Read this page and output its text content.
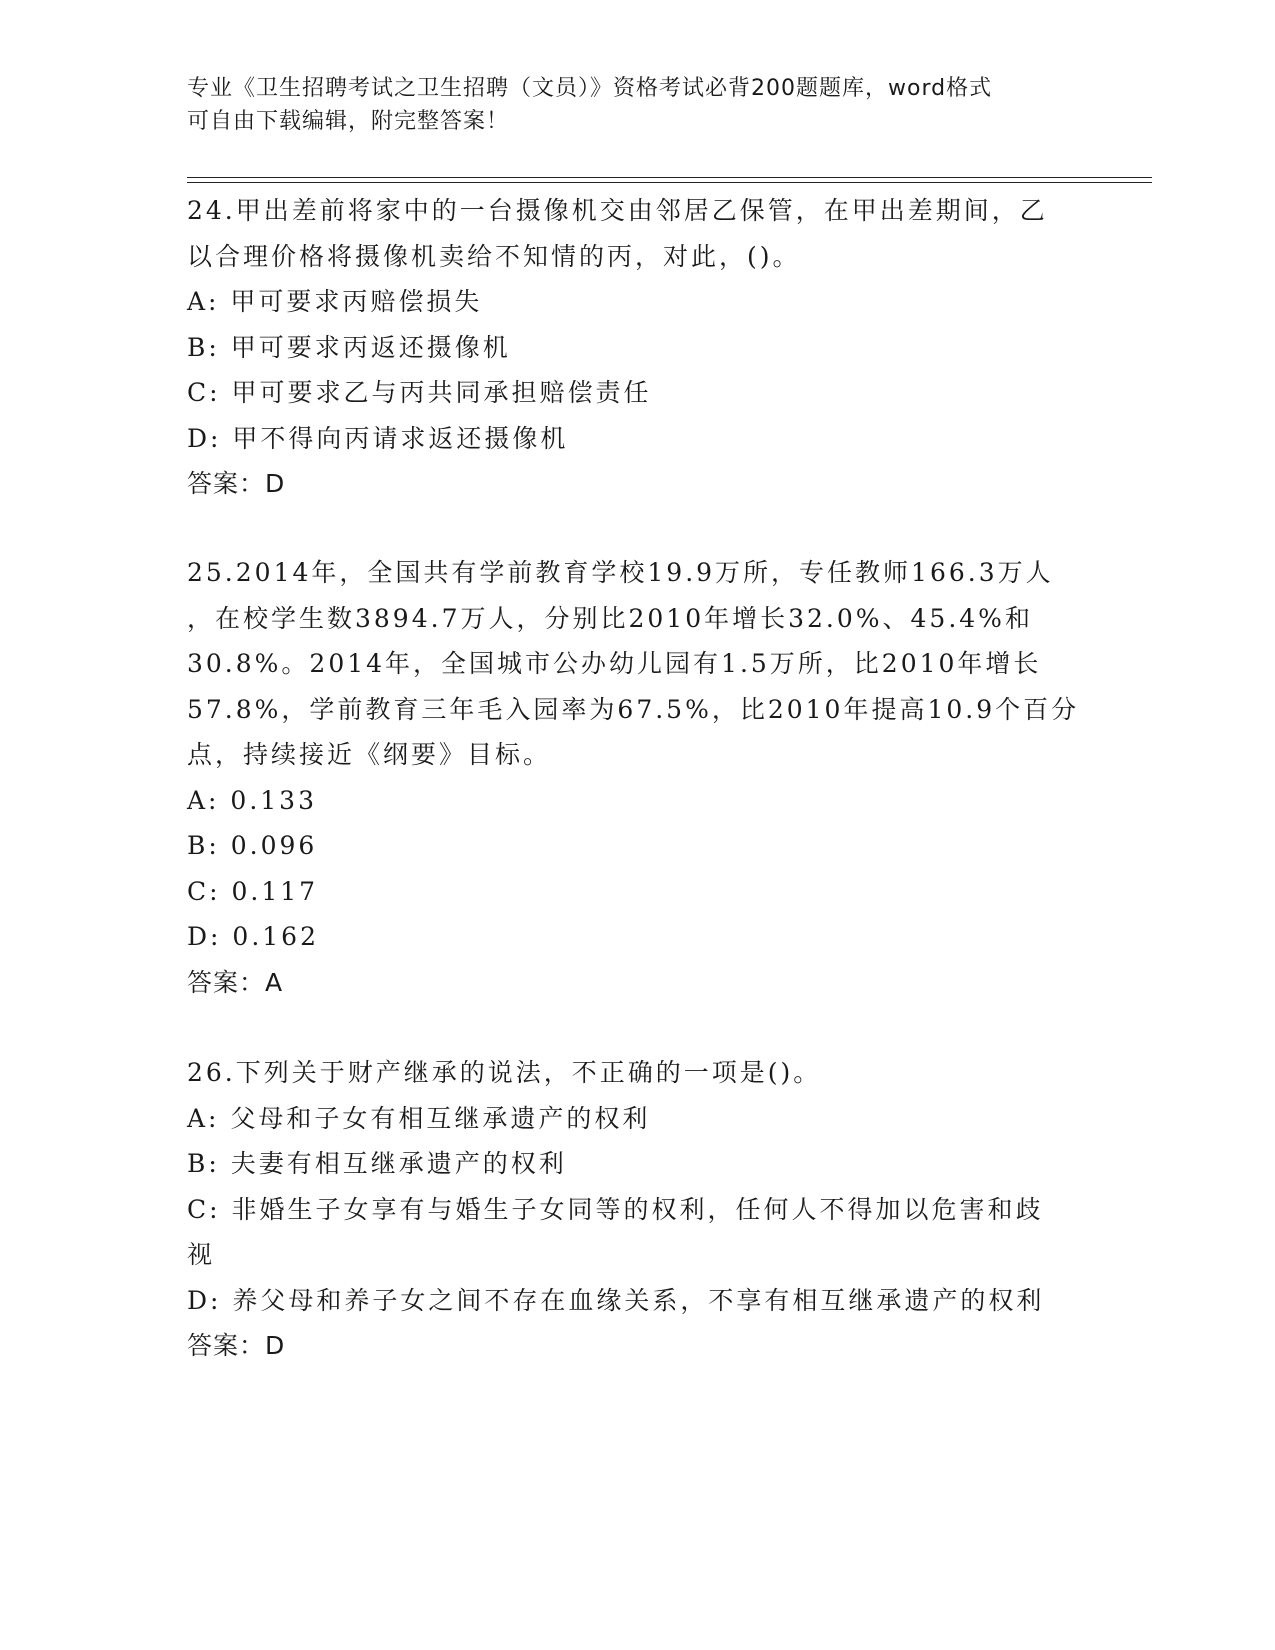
专业《卫生招聘考试之卫生招聘（文员）》资格考试必背200题题库，word格式
可自由下载编辑，附完整答案！
24.甲出差前将家中的一台摄像机交由邻居乙保管，在甲出差期间，乙
以合理价格将摄像机卖给不知情的丙，对此，()。
A: 甲可要求丙赔偿损失
B: 甲可要求丙返还摄像机
C: 甲可要求乙与丙共同承担赔偿责任
D: 甲不得向丙请求返还摄像机
答案：D
25.2014年，全国共有学前教育学校19.9万所，专任教师166.3万人
，在校学生数3894.7万人，分别比2010年增长32.0%、45.4%和
30.8%。2014年，全国城市公办幼儿园有1.5万所，比2010年增长
57.8%，学前教育三年毛入园率为67.5%，比2010年提高10.9个百分
点，持续接近《纲要》目标。
A: 0.133
B: 0.096
C: 0.117
D: 0.162
答案：A
26.下列关于财产继承的说法，不正确的一项是()。
A: 父母和子女有相互继承遗产的权利
B: 夫妻有相互继承遗产的权利
C: 非婚生子女享有与婚生子女同等的权利，任何人不得加以危害和歧
视
D: 养父母和养子女之间不存在血缘关系，不享有相互继承遗产的权利
答案：D
